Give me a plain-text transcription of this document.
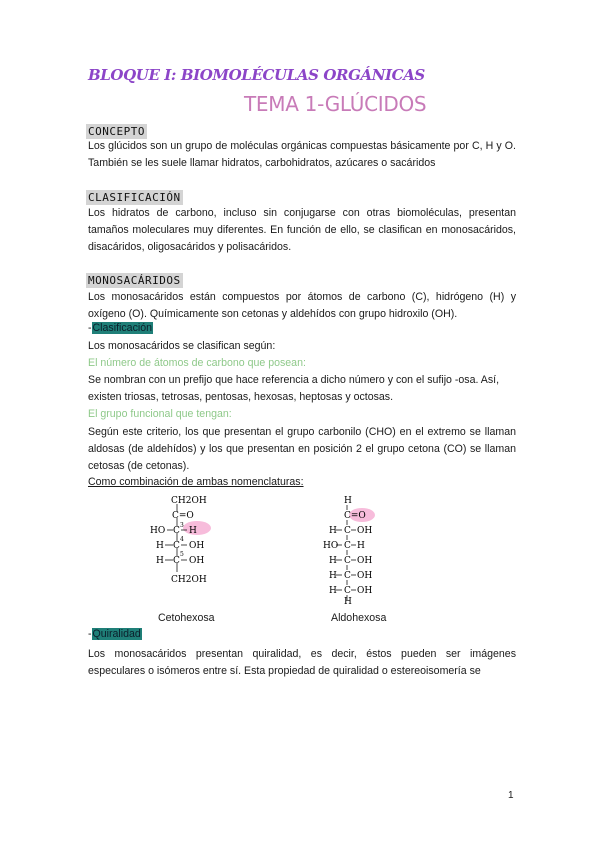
BLOQUE I: BIOMOLÉCULAS ORGÁNICAS
TEMA 1-GLÚCIDOS
CONCEPTO
Los glúcidos son un grupo de moléculas orgánicas compuestas básicamente por C, H y O. También se les suele llamar hidratos, carbohidratos, azúcares o sacáridos
CLASIFICACIÓN
Los hidratos de carbono, incluso sin conjugarse con otras biomoléculas, presentan tamaños moleculares muy diferentes. En función de ello, se clasifican en monosacáridos, disacáridos, oligosacáridos y polisacáridos.
MONOSACÁRIDOS
Los monosacáridos están compuestos por átomos de carbono (C), hidrógeno (H) y oxígeno (O). Químicamente son cetonas y aldehídos con grupo hidroxilo (OH).
-Clasificación
Los monosacáridos se clasifican según:
El número de átomos de carbono que posean:
Se nombran con un prefijo que hace referencia a dicho número y con el sufijo -osa. Así,
existen triosas, tetrosas, pentosas, hexosas, heptosas y octosas.
El grupo funcional que tengan:
Según este criterio, los que presentan el grupo carbonilo (CHO) en el extremo se llaman aldosas (de aldehídos) y los que presentan en posición 2 el grupo cetona (CO) se llaman cetosas (de cetonas).
Como combinación de ambas nomenclaturas:
CH2OH
C=O
HO C H
3
H C OH
4
H C OH
5
CH2OH
H
C=O
C
H OH
C
HO H
C
H OH
C
H OH
C
H OH
H
Cetohexosa	Aldohexosa
-Quiralidad
Los monosacáridos presentan quiralidad, es decir, éstos pueden ser imágenes especulares o isómeros entre sí. Esta propiedad de quiralidad o estereoisomería se
1
